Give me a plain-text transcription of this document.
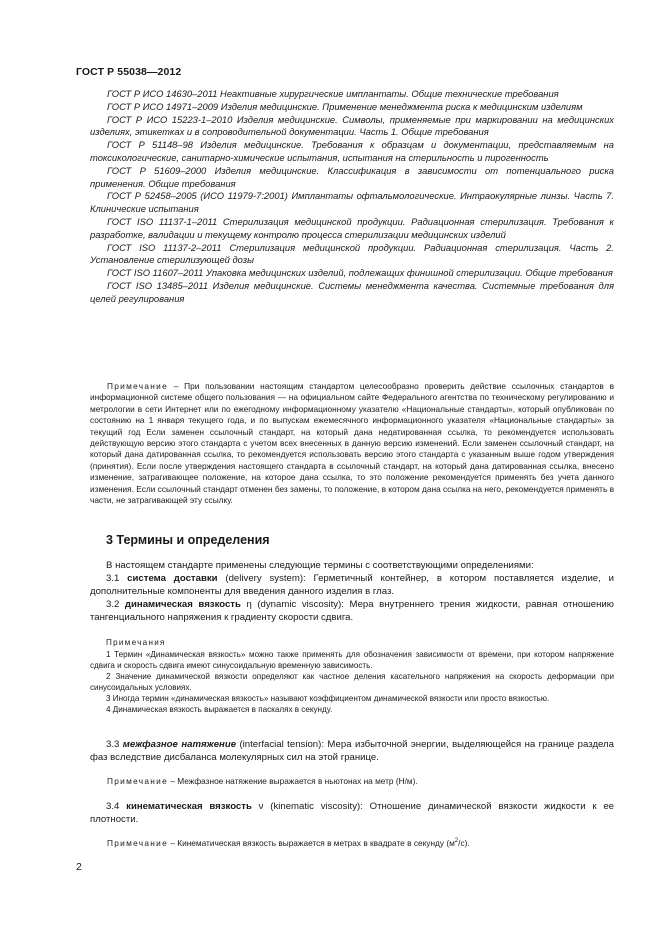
ГОСТ Р 55038—2012
ГОСТ Р ИСО 14630–2011 Неактивные хирургические имплантаты. Общие технические требования
ГОСТ Р ИСО 14971–2009 Изделия медицинские. Применение менеджмента риска к медицинским изделиям
ГОСТ Р ИСО 15223-1–2010 Изделия медицинские. Символы, применяемые при маркировании на медицинских изделиях, этикетках и в сопроводительной документации. Часть 1. Общие требования
ГОСТ Р 51148–98 Изделия медицинские. Требования к образцам и документации, представляемым на токсикологические, санитарно-химические испытания, испытания на стерильность и пирогенность
ГОСТ Р 51609–2000 Изделия медицинские. Классификация в зависимости от потенциального риска применения. Общие требования
ГОСТ Р 52458–2005 (ИСО 11979-7:2001) Имплантаты офтальмологические. Интраокулярные линзы. Часть 7. Клинические испытания
ГОСТ ISO 11137-1–2011 Стерилизация медицинской продукции. Радиационная стерилизация. Требования к разработке, валидации и текущему контролю процесса стерилизации медицинских изделий
ГОСТ ISO 11137-2–2011 Стерилизация медицинской продукции. Радиационная стерилизация. Часть 2. Установление стерилизующей дозы
ГОСТ ISO 11607–2011 Упаковка медицинских изделий, подлежащих финишной стерилизации. Общие требования
ГОСТ ISO 13485–2011 Изделия медицинские. Системы менеджмента качества. Системные требования для целей регулирования
Примечание – При пользовании настоящим стандартом целесообразно проверить действие ссылочных стандартов в информационной системе общего пользования — на официальном сайте Федерального агентства по техническому регулированию и метрологии в сети Интернет или по ежегодному информационному указателю «Национальные стандарты», который опубликован по состоянию на 1 января текущего года, и по выпускам ежемесячного информационного указателя «Национальные стандарты» за текущий год Если заменен ссылочный стандарт, на который дана недатированная ссылка, то рекомендуется использовать действующую версию этого стандарта с учетом всех внесенных в данную версию изменений. Если заменен ссылочный стандарт, на который дана датированная ссылка, то рекомендуется использовать версию этого стандарта с указанным выше годом утверждения (принятия). Если после утверждения настоящего стандарта в ссылочный стандарт, на который дана датированная ссылка, внесено изменение, затрагивающее положение, на которое дана ссылка, то это положение рекомендуется применять без учета данного изменения. Если ссылочный стандарт отменен без замены, то положение, в котором дана ссылка на него, рекомендуется применять в части, не затрагивающей эту ссылку.
3 Термины и определения
В настоящем стандарте применены следующие термины с соответствующими определениями:
3.1 система доставки (delivery system): Герметичный контейнер, в котором поставляется изделие, и дополнительные компоненты для введения данного изделия в глаз.
3.2 динамическая вязкость η (dynamic viscosity): Мера внутреннего трения жидкости, равная отношению тангенциального напряжения к градиенту скорости сдвига.
Примечания
1 Термин «Динамическая вязкость» можно также применять для обозначения зависимости от времени, при котором напряжение сдвига и скорость сдвига имеют синусоидальную временную зависимость.
2 Значение динамической вязкости определяют как частное деления касательного напряжения на скорость деформации при синусоидальных условиях.
3 Иногда термин «динамическая вязкость» называют коэффициентом динамической вязкости или просто вязкостью.
4 Динамическая вязкость выражается в паскалях в секунду.
3.3 межфазное натяжение (interfacial tension): Мера избыточной энергии, выделяющейся на границе раздела фаз вследствие дисбаланса молекулярных сил на этой границе.
Примечание – Межфазное натяжение выражается в ньютонах на метр (Н/м).
3.4 кинематическая вязкость ν (kinematic viscosity): Отношение динамической вязкости жидкости к ее плотности.
Примечание – Кинематическая вязкость выражается в метрах в квадрате в секунду $(м^2/c)$.
2
